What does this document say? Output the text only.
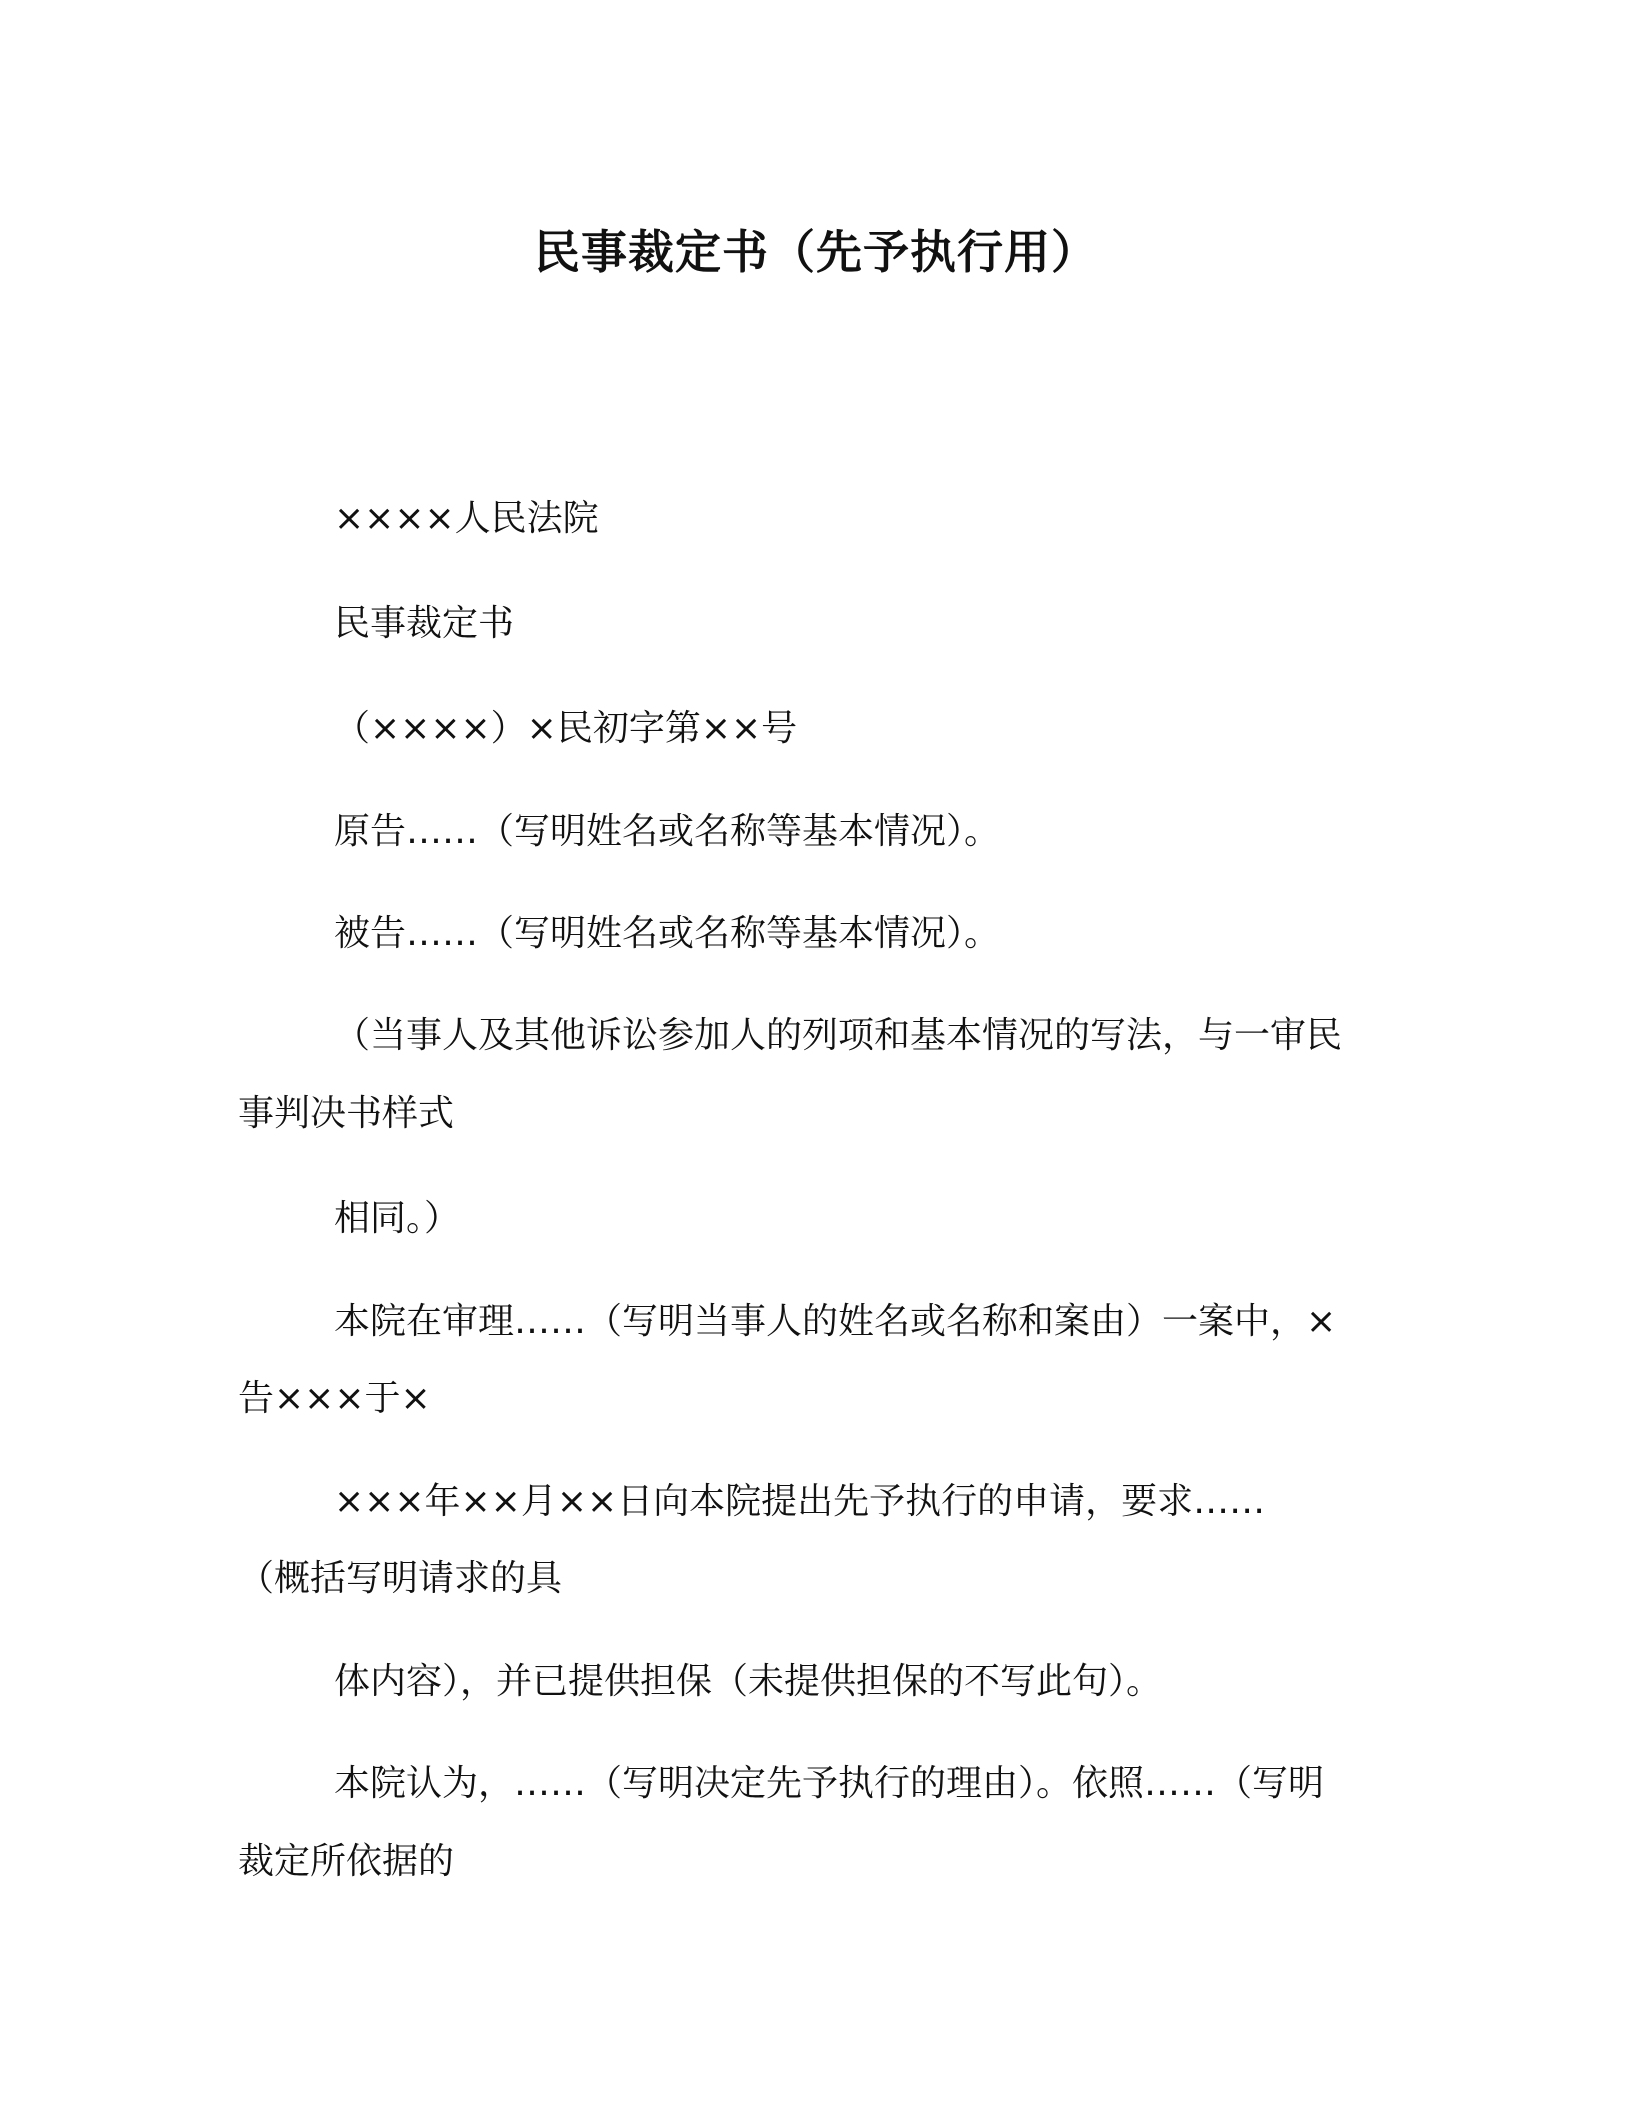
民事裁定书（先予执行用）
××××人民法院
民事裁定书
（××××）×民初字第××号
原告……（写明姓名或名称等基本情况）。
被告……（写明姓名或名称等基本情况）。
（当事人及其他诉讼参加人的列项和基本情况的写法，与一审民
事判决书样式
相同。）
本院在审理……（写明当事人的姓名或名称和案由）一案中，×
告×××于×
×××年××月××日向本院提出先予执行的申请，要求……
（概括写明请求的具
体内容），并已提供担保（未提供担保的不写此句）。
本院认为，……（写明决定先予执行的理由）。依照……（写明
裁定所依据的
